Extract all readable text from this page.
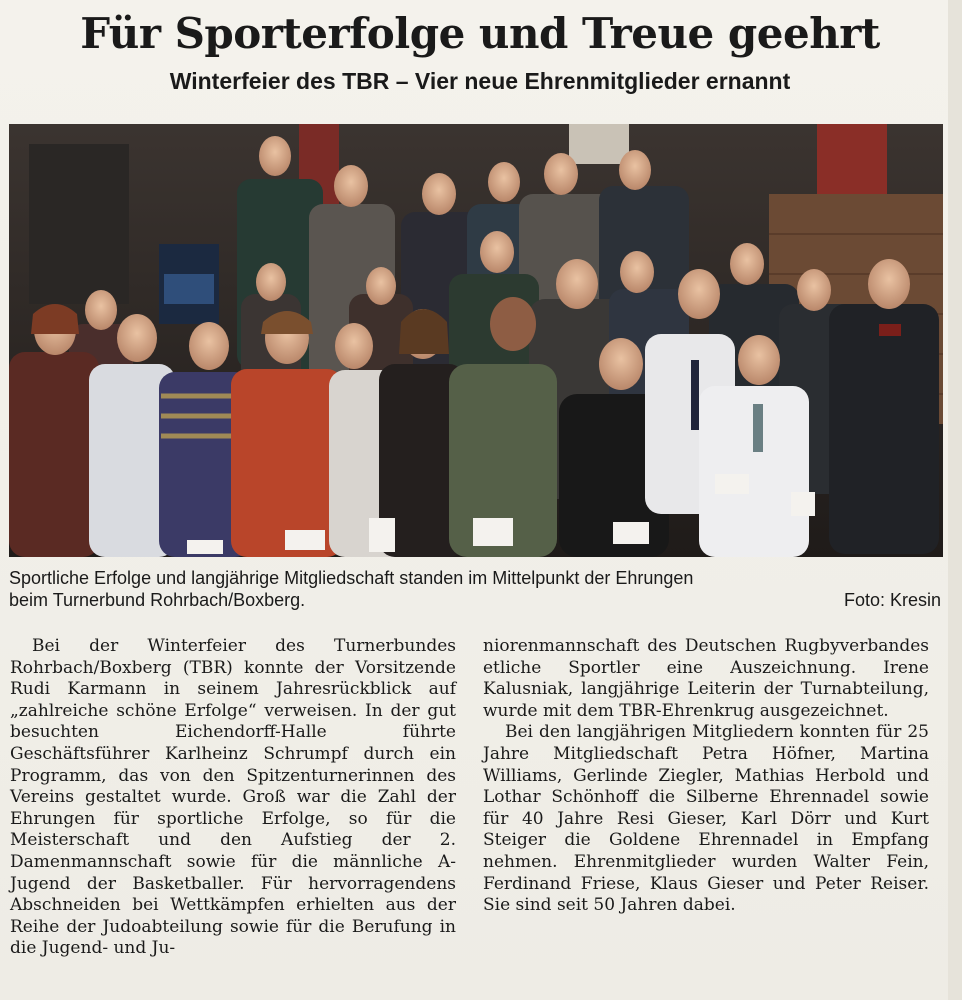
Für Sporterfolge und Treue geehrt
Winterfeier des TBR – Vier neue Ehrenmitglieder ernannt

Sportliche Erfolge und langjährige Mitgliedschaft standen im Mittelpunkt der Ehrungen

beim Turnerbund Rohrbach/Boxberg.	Foto: Kresin

Bei der Winterfeier des Turnerbundes Rohrbach/Boxberg (TBR) konnte der Vorsitzende Rudi Karmann in seinem Jahresrückblick auf „zahlreiche schöne Erfolge“ verweisen. In der gut besuchten Eichendorff-Halle führte Geschäftsführer Karlheinz Schrumpf durch ein Programm, das von den Spitzenturnerinnen des Vereins gestaltet wurde. Groß war die Zahl der Ehrungen für sportliche Erfolge, so für die Meisterschaft und den Aufstieg der 2. Damenmannschaft sowie für die männliche A-Jugend der Basketballer. Für hervorragendens Abschneiden bei Wettkämpfen erhielten aus der Reihe der Judoabteilung sowie für die Berufung in die Jugend- und Ju-

niorenmannschaft des Deutschen Rugbyverbandes etliche Sportler eine Auszeichnung. Irene Kalusniak, langjährige Leiterin der Turnabteilung, wurde mit dem TBR-Ehrenkrug ausgezeichnet.

Bei den langjährigen Mitgliedern konnten für 25 Jahre Mitgliedschaft Petra Höfner, Martina Williams, Gerlinde Ziegler, Mathias Herbold und Lothar Schönhoff die Silberne Ehrennadel sowie für 40 Jahre Resi Gieser, Karl Dörr und Kurt Steiger die Goldene Ehrennadel in Empfang nehmen. Ehrenmitglieder wurden Walter Fein, Ferdinand Friese, Klaus Gieser und Peter Reiser. Sie sind seit 50 Jahren dabei.
